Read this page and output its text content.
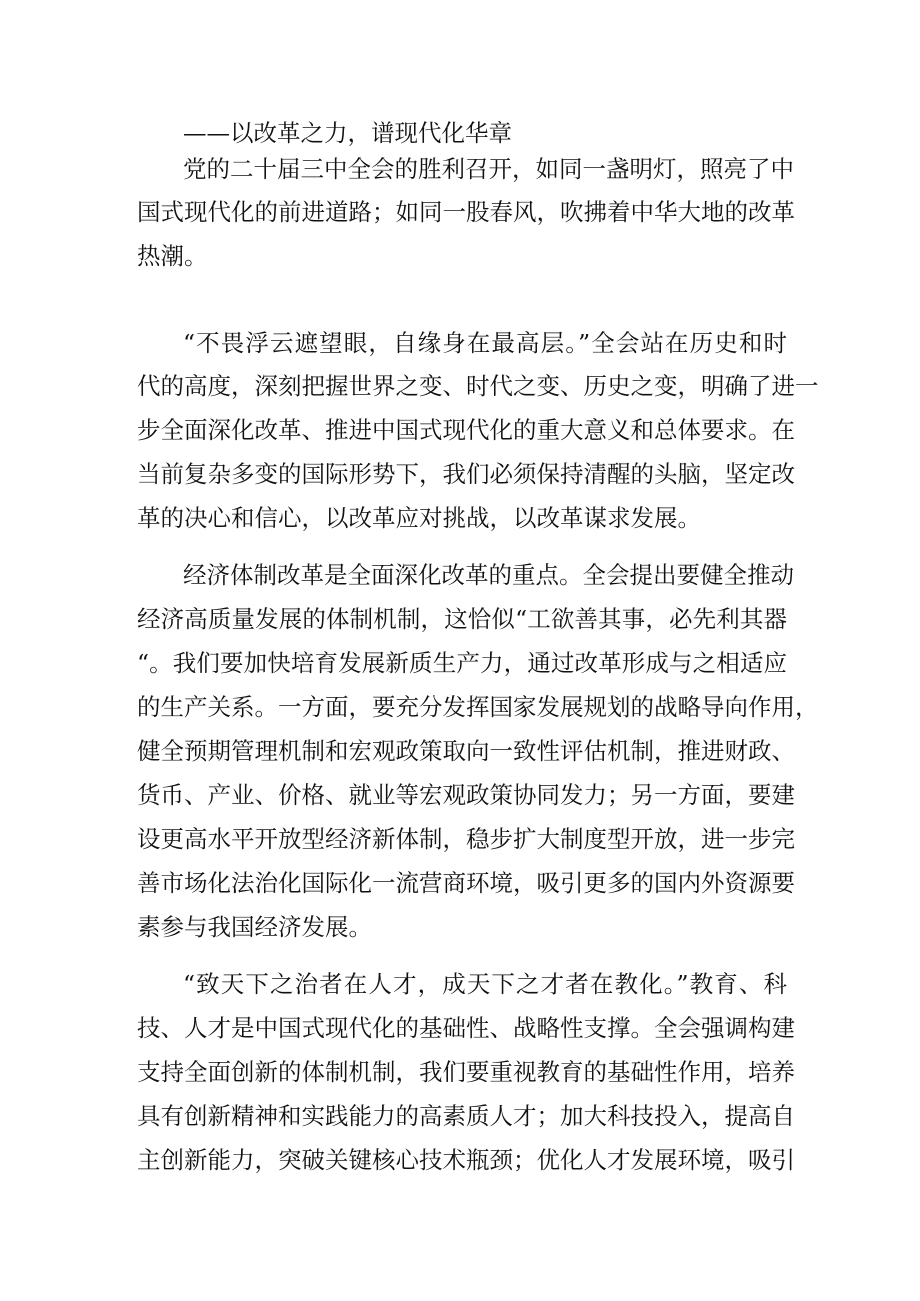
——以改革之力，谱现代化华章
党的二十届三中全会的胜利召开，如同一盏明灯，照亮了中
国式现代化的前进道路；如同一股春风，吹拂着中华大地的改革
热潮。
“不畏浮云遮望眼，自缘身在最高层。”全会站在历史和时
代的高度，深刻把握世界之变、时代之变、历史之变，明确了进一
步全面深化改革、推进中国式现代化的重大意义和总体要求。在
当前复杂多变的国际形势下，我们必须保持清醒的头脑，坚定改
革的决心和信心，以改革应对挑战，以改革谋求发展。
经济体制改革是全面深化改革的重点。全会提出要健全推动
经济高质量发展的体制机制，这恰似“工欲善其事，必先利其器
“。我们要加快培育发展新质生产力，通过改革形成与之相适应
的生产关系。一方面，要充分发挥国家发展规划的战略导向作用，
健全预期管理机制和宏观政策取向一致性评估机制，推进财政、
货币、产业、价格、就业等宏观政策协同发力；另一方面，要建
设更高水平开放型经济新体制，稳步扩大制度型开放，进一步完
善市场化法治化国际化一流营商环境，吸引更多的国内外资源要
素参与我国经济发展。
“致天下之治者在人才，成天下之才者在教化。”教育、科
技、人才是中国式现代化的基础性、战略性支撑。全会强调构建
支持全面创新的体制机制，我们要重视教育的基础性作用，培养
具有创新精神和实践能力的高素质人才；加大科技投入，提高自
主创新能力，突破关键核心技术瓶颈；优化人才发展环境，吸引
